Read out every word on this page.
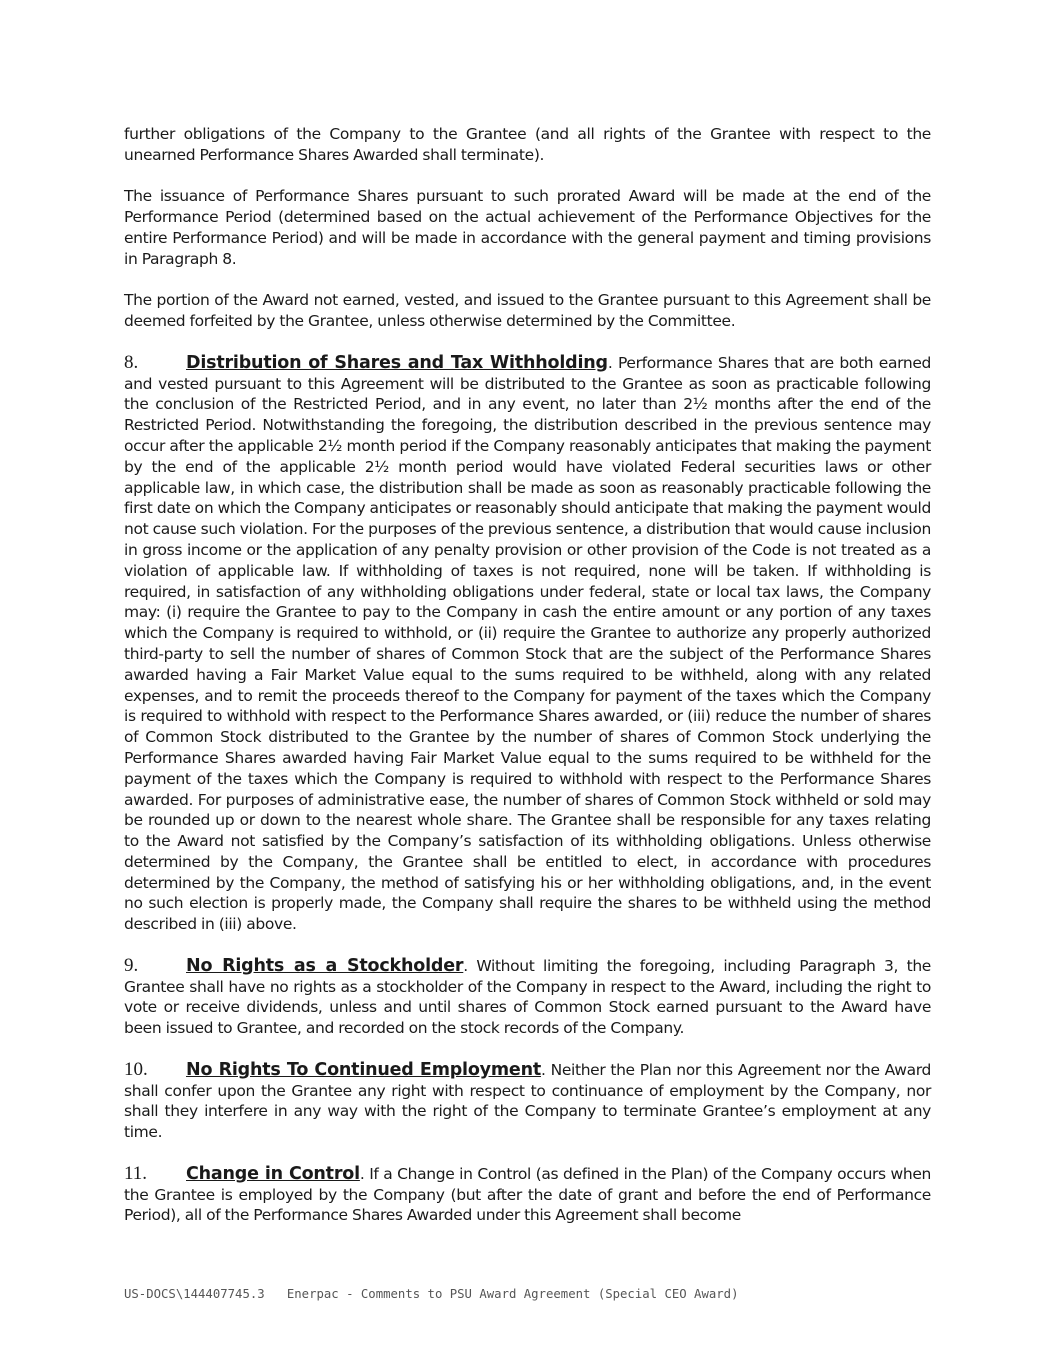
further obligations of the Company to the Grantee (and all rights of the Grantee with respect to the unearned Performance Shares Awarded shall terminate).

The issuance of Performance Shares pursuant to such prorated Award will be made at the end of the Performance Period (determined based on the actual achievement of the Performance Objectives for the entire Performance Period) and will be made in accordance with the general payment and timing provisions in Paragraph 8.

The portion of the Award not earned, vested, and issued to the Grantee pursuant to this Agreement shall be deemed forfeited by the Grantee, unless otherwise determined by the Committee.

8.	Distribution of Shares and Tax Withholding. Performance Shares that are both earned and vested pursuant to this Agreement will be distributed to the Grantee as soon as practicable following the conclusion of the Restricted Period, and in any event, no later than 2½ months after the end of the Restricted Period. Notwithstanding the foregoing, the distribution described in the previous sentence may occur after the applicable 2½ month period if the Company reasonably anticipates that making the payment by the end of the applicable 2½ month period would have violated Federal securities laws or other applicable law, in which case, the distribution shall be made as soon as reasonably practicable following the first date on which the Company anticipates or reasonably should anticipate that making the payment would not cause such violation. For the purposes of the previous sentence, a distribution that would cause inclusion in gross income or the application of any penalty provision or other provision of the Code is not treated as a violation of applicable law. If withholding of taxes is not required, none will be taken. If withholding is required, in satisfaction of any withholding obligations under federal, state or local tax laws, the Company may: (i) require the Grantee to pay to the Company in cash the entire amount or any portion of any taxes which the Company is required to withhold, or (ii) require the Grantee to authorize any properly authorized third-party to sell the number of shares of Common Stock that are the subject of the Performance Shares awarded having a Fair Market Value equal to the sums required to be withheld, along with any related expenses, and to remit the proceeds thereof to the Company for payment of the taxes which the Company is required to withhold with respect to the Performance Shares awarded, or (iii) reduce the number of shares of Common Stock distributed to the Grantee by the number of shares of Common Stock underlying the Performance Shares awarded having Fair Market Value equal to the sums required to be withheld for the payment of the taxes which the Company is required to withhold with respect to the Performance Shares awarded. For purposes of administrative ease, the number of shares of Common Stock withheld or sold may be rounded up or down to the nearest whole share. The Grantee shall be responsible for any taxes relating to the Award not satisfied by the Company’s satisfaction of its withholding obligations. Unless otherwise determined by the Company, the Grantee shall be entitled to elect, in accordance with procedures determined by the Company, the method of satisfying his or her withholding obligations, and, in the event no such election is properly made, the Company shall require the shares to be withheld using the method described in (iii) above.

9.	No Rights as a Stockholder. Without limiting the foregoing, including Paragraph 3, the Grantee shall have no rights as a stockholder of the Company in respect to the Award, including the right to vote or receive dividends, unless and until shares of Common Stock earned pursuant to the Award have been issued to Grantee, and recorded on the stock records of the Company.

10. No Rights To Continued Employment. Neither the Plan nor this Agreement nor the Award shall confer upon the Grantee any right with respect to continuance of employment by the Company, nor shall they interfere in any way with the right of the Company to terminate Grantee’s employment at any time.

11. Change in Control. If a Change in Control (as defined in the Plan) of the Company occurs when the Grantee is employed by the Company (but after the date of grant and before the end of Performance Period), all of the Performance Shares Awarded under this Agreement shall become

US-DOCS\144407745.3   Enerpac - Comments to PSU Award Agreement (Special CEO Award)
